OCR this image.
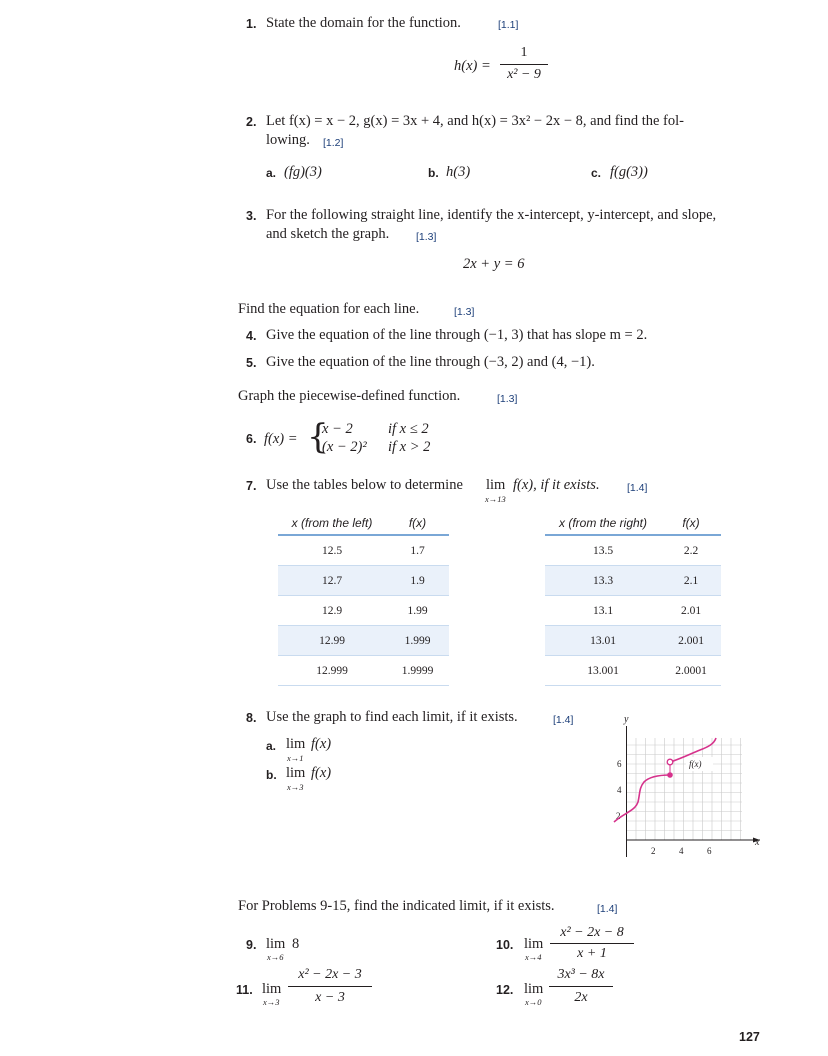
1. State the domain for the function.	[1.1]
h(x) =
1
x² − 9
2. Let f(x) = x − 2, g(x) = 3x + 4, and h(x) = 3x² − 2x − 8, and find the fol-
lowing. [1.2]
a. (fg)(3)	b. h(3)	c. f(g(3))
3. For the following straight line, identify the x-intercept, y-intercept, and slope,
and sketch the graph.	[1.3]
2x + y = 6
Find the equation for each line.	[1.3]
4. Give the equation of the line through (−1, 3) that has slope m = 2.
5. Give the equation of the line through (−3, 2) and (4, −1).
Graph the piecewise-defined function.	[1.3]
6. f(x) = {
x − 2 if x ≤ 2
(x − 2)² if x > 2
7. Use the tables below to determine lim
x→13
f(x), if it exists.	[1.4]
x (from the left)	f(x)
12.5	1.7
12.7	1.9
12.9	1.99
12.99	1.999
12.999	1.9999
x (from the right)	f(x)
13.5	2.2
13.3	2.1
13.1	2.01
13.01	2.001
13.001	2.0001
8. Use the graph to find each limit, if it exists.	[1.4]
a. lim
x→1
f(x)
b. lim
x→3
f(x)
y
x
2
4
6
2	4	6
f(x)
For Problems 9-15, find the indicated limit, if it exists.	[1.4]
9. lim
x→6
8	10. lim
x→4
x² − 2x − 8
x + 1
11. lim
x→3
x² − 2x − 3
x − 3	12. lim
x→0
3x³ − 8x
2x
127
